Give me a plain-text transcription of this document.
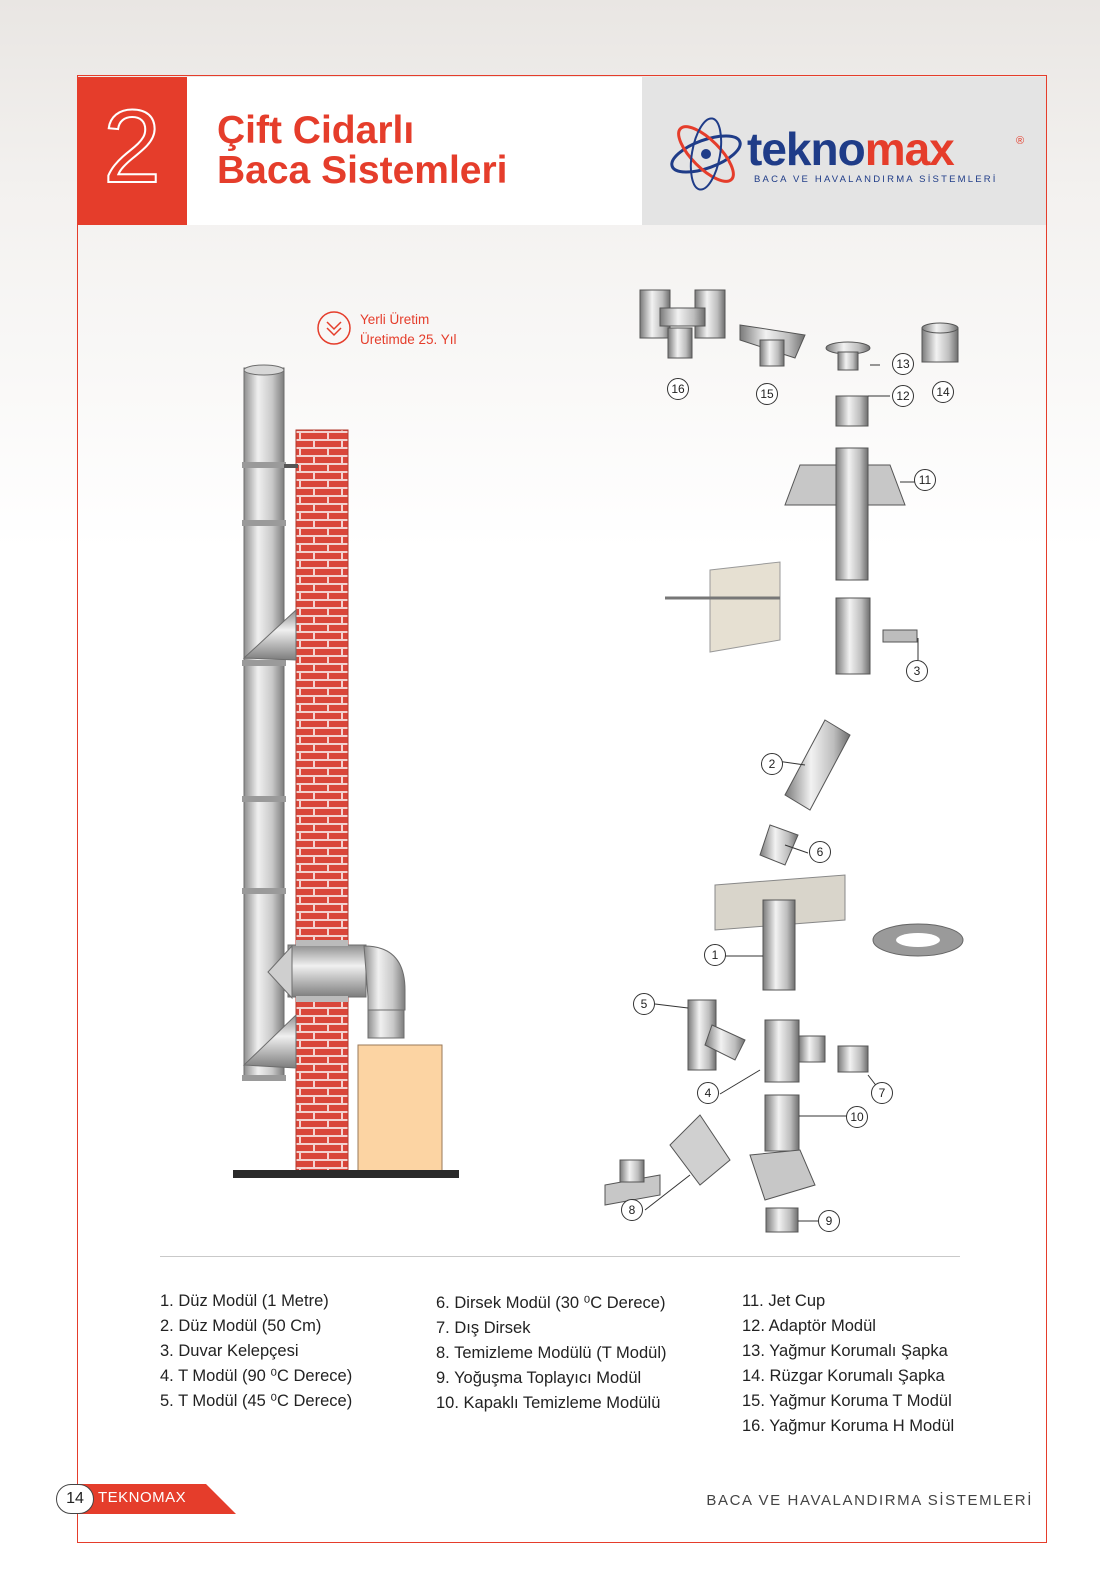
2	Çift Cidarlı
Baca Sistemleri	teknomax	®
BACA VE HAVALANDIRMA SİSTEMLERİ
Yerli Üretim
Üretimde 25. Yıl
16	15
13
14
12
11
3
2
6
1
5
4	7
10
8
9
1. Düz Modül (1 Metre)
2. Düz Modül (50 Cm)
3. Duvar Kelepçesi
4. T Modül (90 ⁰C Derece)
5. T Modül (45 ⁰C Derece)
6. Dirsek Modül (30 ⁰C Derece)
7. Dış Dirsek
8. Temizleme Modülü (T Modül)
9. Yoğuşma Toplayıcı Modül
10. Kapaklı Temizleme Modülü
11. Jet Cup
12. Adaptör Modül
13. Yağmur Korumalı Şapka
14. Rüzgar Korumalı Şapka
15. Yağmur Koruma T Modül
16. Yağmur Koruma H Modül
14 TEKNOMAX	BACA VE HAVALANDIRMA SİSTEMLERİ
